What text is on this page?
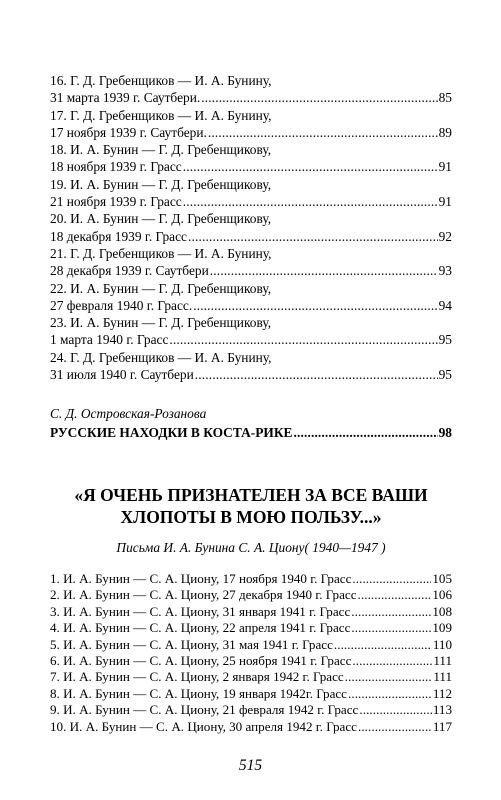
16. Г. Д. Гребенщиков — И. А. Бунину,
31 марта 1939 г. Саутбери. . . .	85
17. Г. Д. Гребенщиков — И. А. Бунину,
17 ноября 1939 г. Саутбери. . . .	89
18. И. А. Бунин — Г. Д. Гребенщикову,
18 ноября 1939 г. Грасс . . .	91
19. И. А. Бунин — Г. Д. Гребенщикову,
21 ноября 1939 г. Грасс . . .	91
20. И. А. Бунин — Г. Д. Гребенщикову,
18 декабря 1939 г. Грасс . . .	92
21. Г. Д. Гребенщиков — И. А. Бунину,
28 декабря 1939 г. Саутбери . . .	93
22. И. А. Бунин — Г. Д. Гребенщикову,
27 февраля 1940 г. Грасс. . . .	94
23. И. А. Бунин — Г. Д. Гребенщикову,
1 марта 1940 г. Грасс . . .	95
24. Г. Д. Гребенщиков — И. А. Бунину,
31 июля 1940 г. Саутбери . . .	95
С. Д. Островская-Розанова
РУССКИЕ НАХОДКИ В КОСТА-РИКЕ . . .	98
«Я ОЧЕНЬ ПРИЗНАТЕЛЕН ЗА ВСЕ ВАШИ
ХЛОПОТЫ В МОЮ ПОЛЬЗУ...»
Письма И. А. Бунина С. А. Циону( 1940—1947 )
1. И. А. Бунин — С. А. Циону, 17 ноября 1940 г. Грасс . . .	105
2. И. А. Бунин — С. А. Циону, 27 декабря 1940 г. Грасс . . .	106
3. И. А. Бунин — С. А. Циону, 31 января 1941 г. Грасс . . .	108
4. И. А. Бунин — С. А. Циону, 22 апреля 1941 г. Грасс . . .	109
5. И. А. Бунин — С. А. Циону, 31 мая 1941 г. Грасс . . .	110
6. И. А. Бунин — С. А. Циону, 25 ноября 1941 г. Грасс . . .	111
7. И. А. Бунин — С. А. Циону, 2 января 1942 г. Грасс . . .	111
8. И. А. Бунин — С. А. Циону, 19 января 1942г. Грасс . . .	112
9. И. А. Бунин — С. А. Циону, 21 февраля 1942 г. Грасс . . .	113
10. И. А. Бунин — С. А. Циону, 30 апреля 1942 г. Грасс . . .	117
515
